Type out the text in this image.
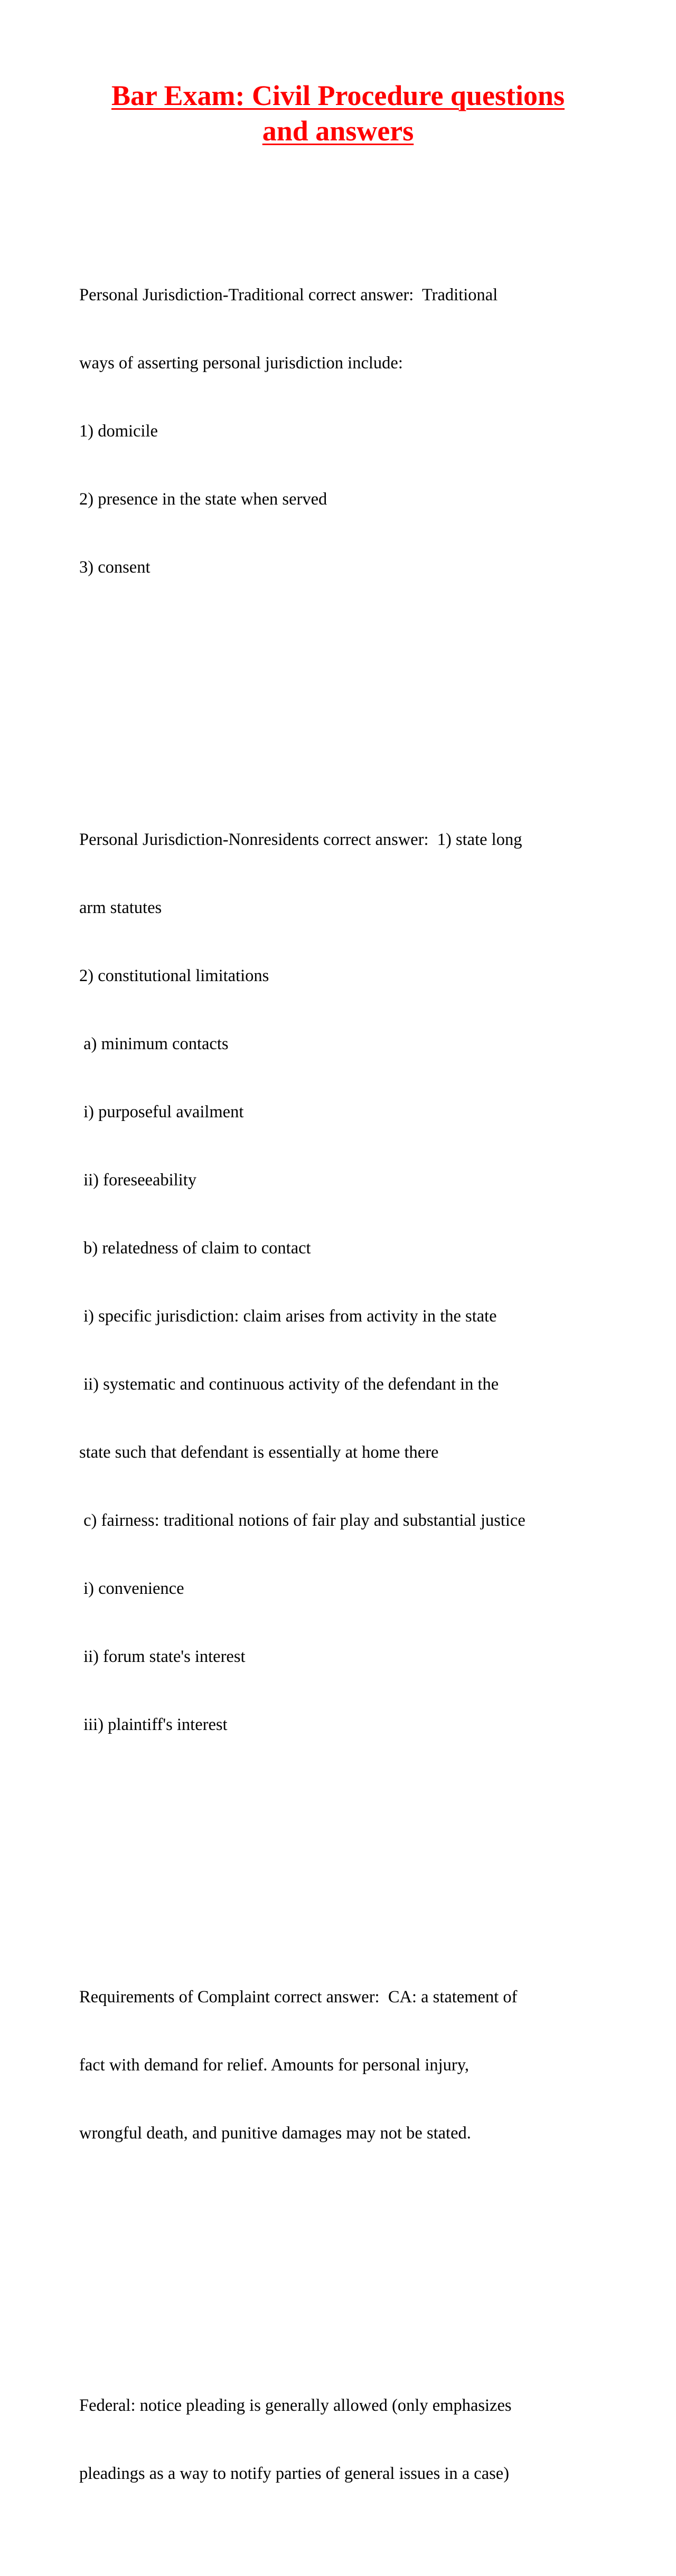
Bar Exam: Civil Procedure questions
and answers

Personal Jurisdiction-Traditional correct answer:  Traditional

ways of asserting personal jurisdiction include:

1) domicile

2) presence in the state when served

3) consent

Personal Jurisdiction-Nonresidents correct answer:  1) state long

arm statutes

2) constitutional limitations

a) minimum contacts

i) purposeful availment

ii) foreseeability

b) relatedness of claim to contact

i) specific jurisdiction: claim arises from activity in the state

ii) systematic and continuous activity of the defendant in the

state such that defendant is essentially at home there

c) fairness: traditional notions of fair play and substantial justice

i) convenience

ii) forum state's interest

iii) plaintiff's interest

Requirements of Complaint correct answer:  CA: a statement of

fact with demand for relief. Amounts for personal injury,

wrongful death, and punitive damages may not be stated.

Federal: notice pleading is generally allowed (only emphasizes

pleadings as a way to notify parties of general issues in a case)
